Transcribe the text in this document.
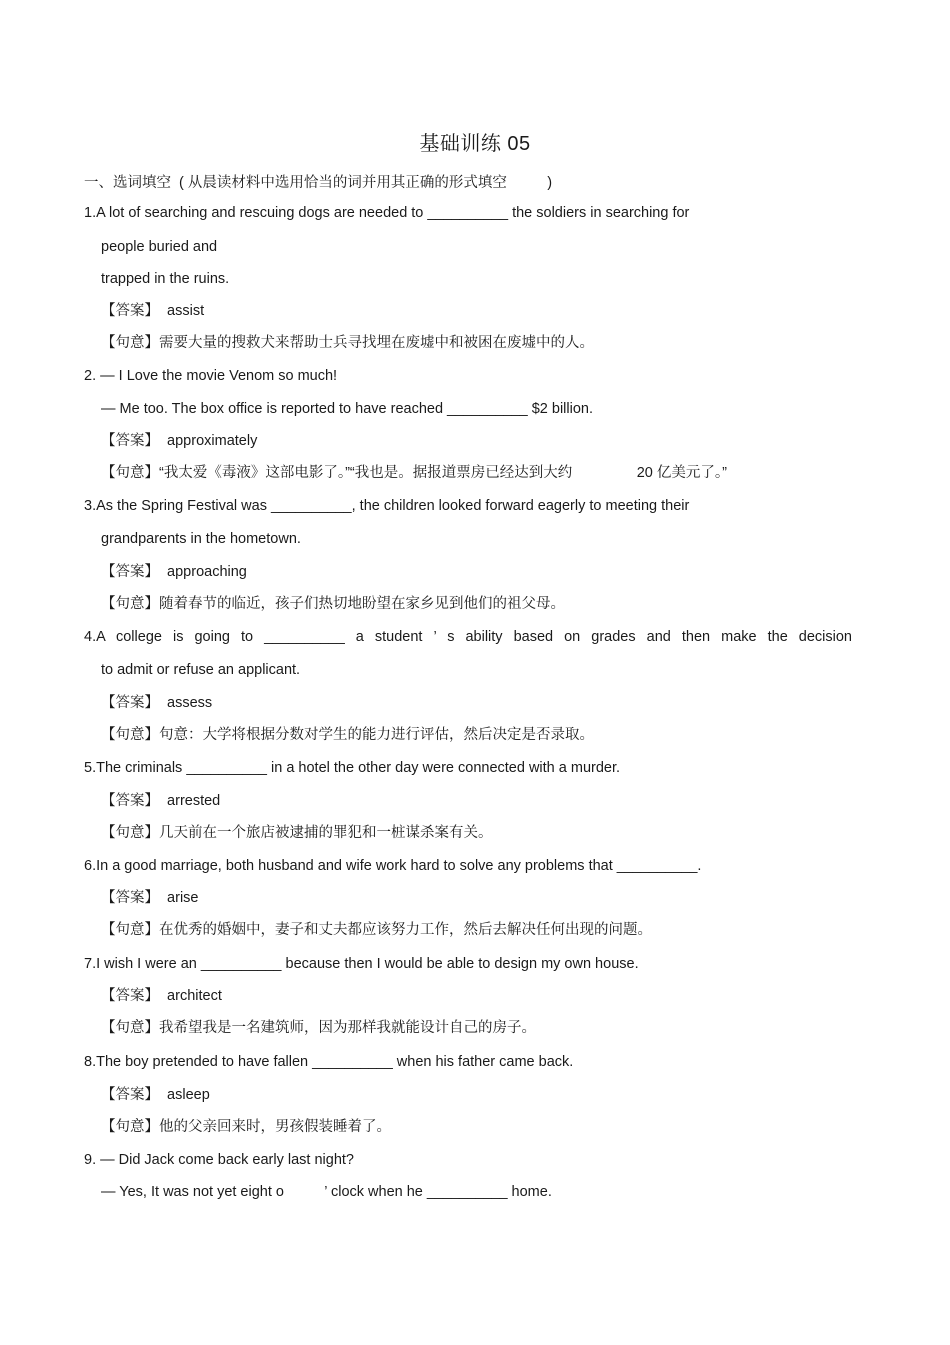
基础训练 05
一、选词填空  ( 从晨读材料中选用恰当的词并用其正确的形式填空          )
1.A lot of searching and rescuing dogs are needed to __________ the soldiers in searching for
people buried and
trapped in the ruins.
【答案】  assist
【句意】需要大量的搜救犬来帮助士兵寻找埋在废墟中和被困在废墟中的人。
2. — I Love the movie Venom so much!
— Me too. The box office is reported to have reached __________ $2 billion.
【答案】  approximately
【句意】“我太爱《毒液》这部电影了。”“我也是。据报道票房已经达到大约                20 亿美元了。”
3.As the Spring Festival was __________, the children looked forward eagerly to meeting their
grandparents in the hometown.
【答案】  approaching
【句意】随着春节的临近，孩子们热切地盼望在家乡见到他们的祖父母。
4.A college is going to __________ a student ’ s ability based on grades and then make the decision
to admit or refuse an applicant.
【答案】  assess
【句意】句意：大学将根据分数对学生的能力进行评估，然后决定是否录取。
5.The criminals __________ in a hotel the other day were connected with a murder.
【答案】  arrested
【句意】几天前在一个旅店被逮捕的罪犯和一桩谋杀案有关。
6.In a good marriage, both husband and wife work hard to solve any problems that __________.
【答案】  arise
【句意】在优秀的婚姻中，妻子和丈夫都应该努力工作，然后去解决任何出现的问题。
7.I wish I were an __________ because then I would be able to design my own house.
【答案】  architect
【句意】我希望我是一名建筑师，因为那样我就能设计自己的房子。
8.The boy pretended to have fallen __________ when his father came back.
【答案】  asleep
【句意】他的父亲回来时，男孩假装睡着了。
9. — Did Jack come back early last night?
— Yes, It was not yet eight o          ’ clock when he __________ home.
